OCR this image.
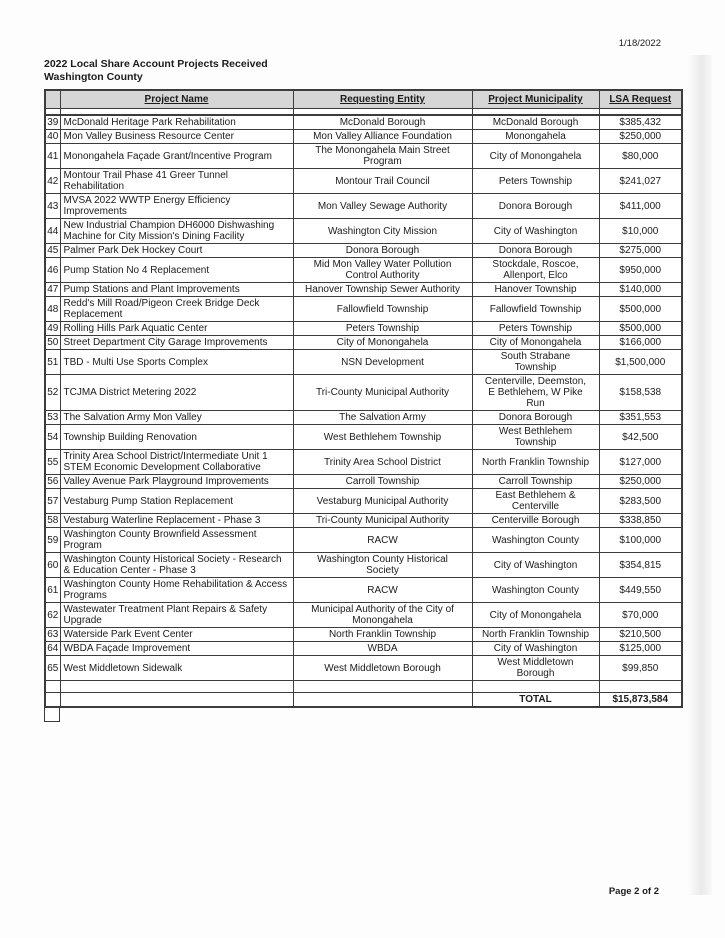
1/18/2022
2022 Local Share Account Projects Received
Washington County
	Project Name	Requesting Entity	Project Municipality	LSA Request

39	McDonald Heritage Park Rehabilitation	McDonald Borough	McDonald Borough	$385,432
40	Mon Valley Business Resource Center	Mon Valley Alliance Foundation	Monongahela	$250,000
41	Monongahela Façade Grant/Incentive Program	The Monongahela Main Street Program	City of Monongahela	$80,000
42	Montour Trail Phase 41 Greer Tunnel Rehabilitation	Montour Trail Council	Peters Township	$241,027
43	MVSA 2022 WWTP Energy Efficiency Improvements	Mon Valley Sewage Authority	Donora Borough	$411,000
44	New Industrial Champion DH6000 Dishwashing Machine for City Mission's Dining Facility	Washington City Mission	City of Washington	$10,000
45	Palmer Park Dek Hockey Court	Donora Borough	Donora Borough	$275,000
46	Pump Station No 4 Replacement	Mid Mon Valley Water Pollution Control Authority	Stockdale, Roscoe, Allenport, Elco	$950,000
47	Pump Stations and Plant Improvements	Hanover Township Sewer Authority	Hanover Township	$140,000
48	Redd's Mill Road/Pigeon Creek Bridge Deck Replacement	Fallowfield Township	Fallowfield Township	$500,000
49	Rolling Hills Park Aquatic Center	Peters Township	Peters Township	$500,000
50	Street Department City Garage Improvements	City of Monongahela	City of Monongahela	$166,000
51	TBD - Multi Use Sports Complex	NSN Development	South Strabane Township	$1,500,000
52	TCJMA District Metering 2022	Tri-County Municipal Authority	Centerville, Deemston, E Bethlehem, W Pike Run	$158,538
53	The Salvation Army Mon Valley	The Salvation Army	Donora Borough	$351,553
54	Township Building Renovation	West Bethlehem Township	West Bethlehem Township	$42,500
55	Trinity Area School District/Intermediate Unit 1 STEM Economic Development Collaborative	Trinity Area School District	North Franklin Township	$127,000
56	Valley Avenue Park Playground Improvements	Carroll Township	Carroll Township	$250,000
57	Vestaburg Pump Station Replacement	Vestaburg Municipal Authority	East Bethlehem & Centerville	$283,500
58	Vestaburg Waterline Replacement - Phase 3	Tri-County Municipal Authority	Centerville Borough	$338,850
59	Washington County Brownfield Assessment Program	RACW	Washington County	$100,000
60	Washington County Historical Society - Research & Education Center - Phase 3	Washington County Historical Society	City of Washington	$354,815
61	Washington County Home Rehabilitation & Access Programs	RACW	Washington County	$449,550
62	Wastewater Treatment Plant Repairs & Safety Upgrade	Municipal Authority of the City of Monongahela	City of Monongahela	$70,000
63	Waterside Park Event Center	North Franklin Township	North Franklin Township	$210,500
64	WBDA Façade Improvement	WBDA	City of Washington	$125,000
65	West Middletown Sidewalk	West Middletown Borough	West Middletown Borough	$99,850

			TOTAL	$15,873,584
Page 2 of 2
